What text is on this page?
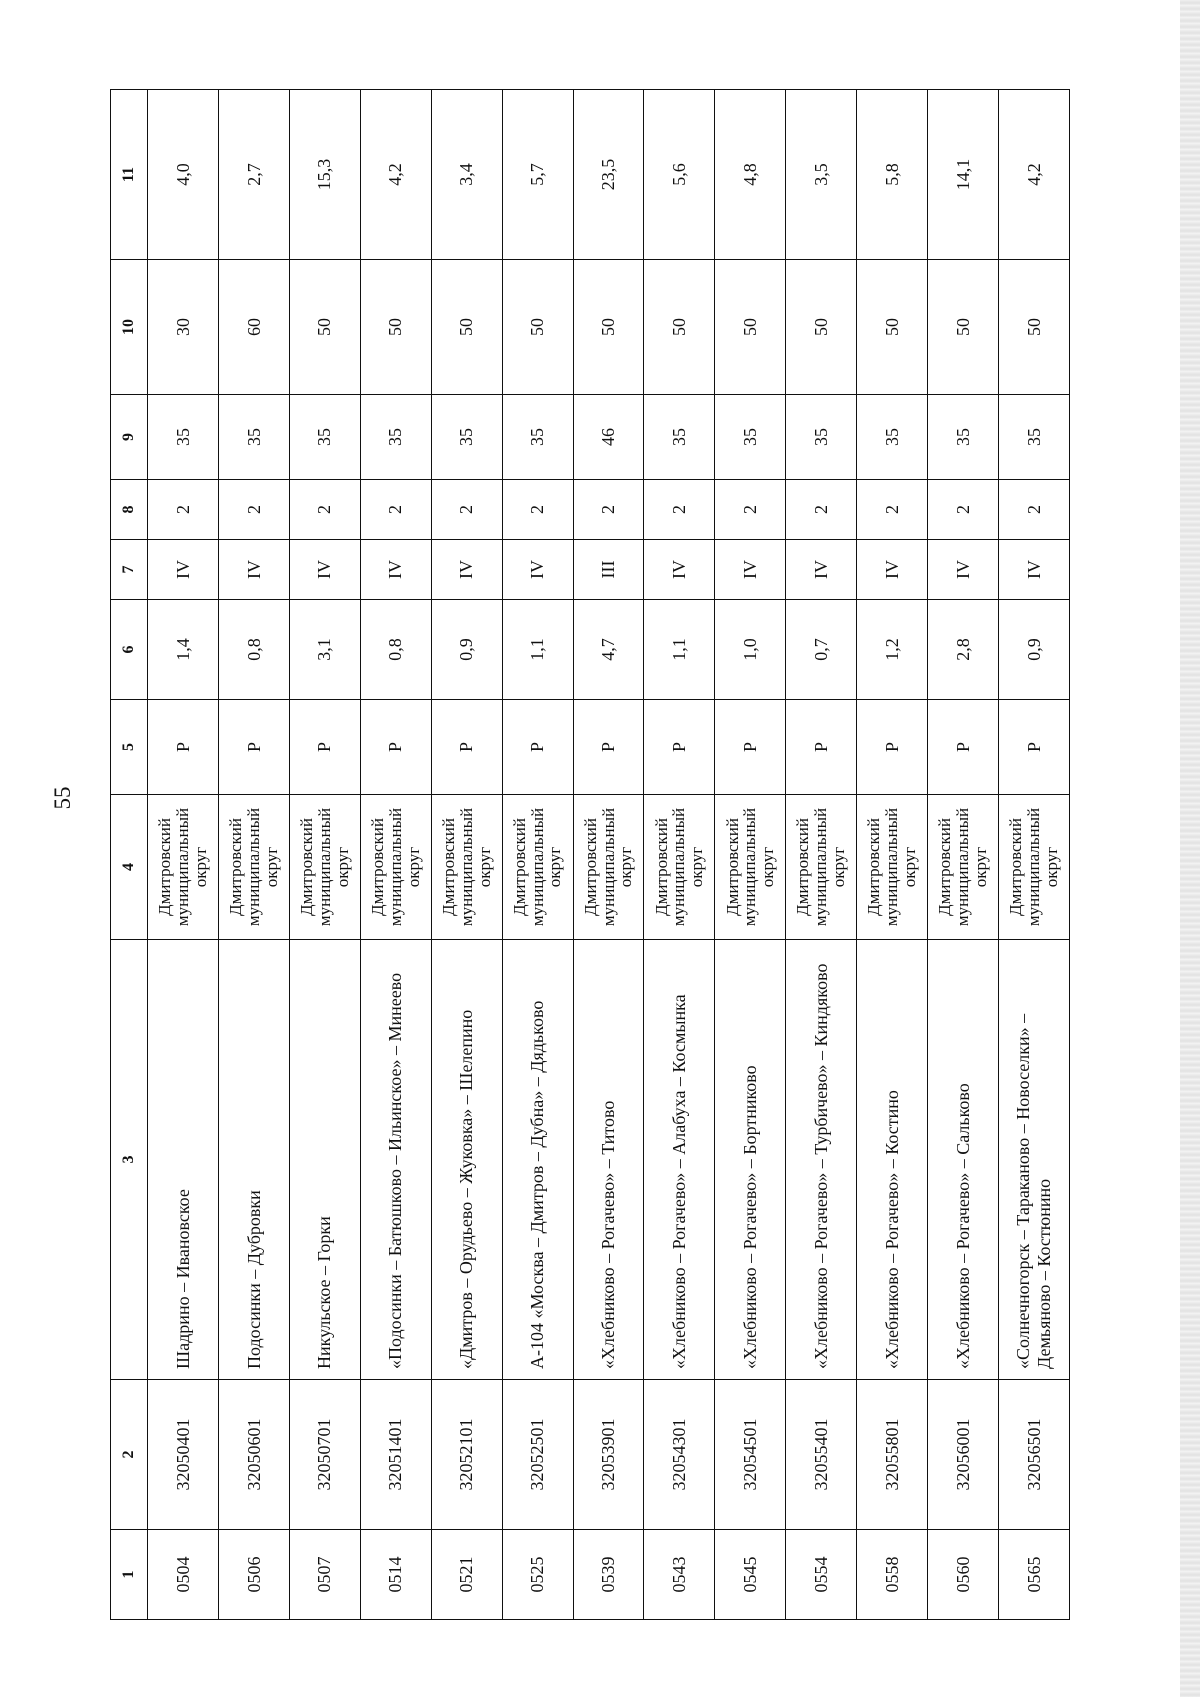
55
1	2	3	4	5	6	7	8	9	10	11
0504	32050401	Шадрино – Ивановское	Дмитровский муниципальный округ	Р	1,4	IV	2	35	30	4,0
0506	32050601	Подосинки – Дубровки	Дмитровский муниципальный округ	Р	0,8	IV	2	35	60	2,7
0507	32050701	Никульское – Горки	Дмитровский муниципальный округ	Р	3,1	IV	2	35	50	15,3
0514	32051401	«Подосинки – Батюшково – Ильинское» – Минеево	Дмитровский муниципальный округ	Р	0,8	IV	2	35	50	4,2
0521	32052101	«Дмитров – Орудьево – Жуковка» – Шелепино	Дмитровский муниципальный округ	Р	0,9	IV	2	35	50	3,4
0525	32052501	А-104 «Москва – Дмитров – Дубна» – Дядьково	Дмитровский муниципальный округ	Р	1,1	IV	2	35	50	5,7
0539	32053901	«Хлебниково – Рогачево» – Титово	Дмитровский муниципальный округ	Р	4,7	III	2	46	50	23,5
0543	32054301	«Хлебниково – Рогачево» – Алабуха – Космынка	Дмитровский муниципальный округ	Р	1,1	IV	2	35	50	5,6
0545	32054501	«Хлебниково – Рогачево» – Бортниково	Дмитровский муниципальный округ	Р	1,0	IV	2	35	50	4,8
0554	32055401	«Хлебниково – Рогачево» – Турбичево» – Киндяково	Дмитровский муниципальный округ	Р	0,7	IV	2	35	50	3,5
0558	32055801	«Хлебниково – Рогачево» – Костино	Дмитровский муниципальный округ	Р	1,2	IV	2	35	50	5,8
0560	32056001	«Хлебниково – Рогачево» – Сальково	Дмитровский муниципальный округ	Р	2,8	IV	2	35	50	14,1
0565	32056501	«Солнечногорск – Тараканово – Новоселки» – Демьяново – Костюнино	Дмитровский муниципальный округ	Р	0,9	IV	2	35	50	4,2
